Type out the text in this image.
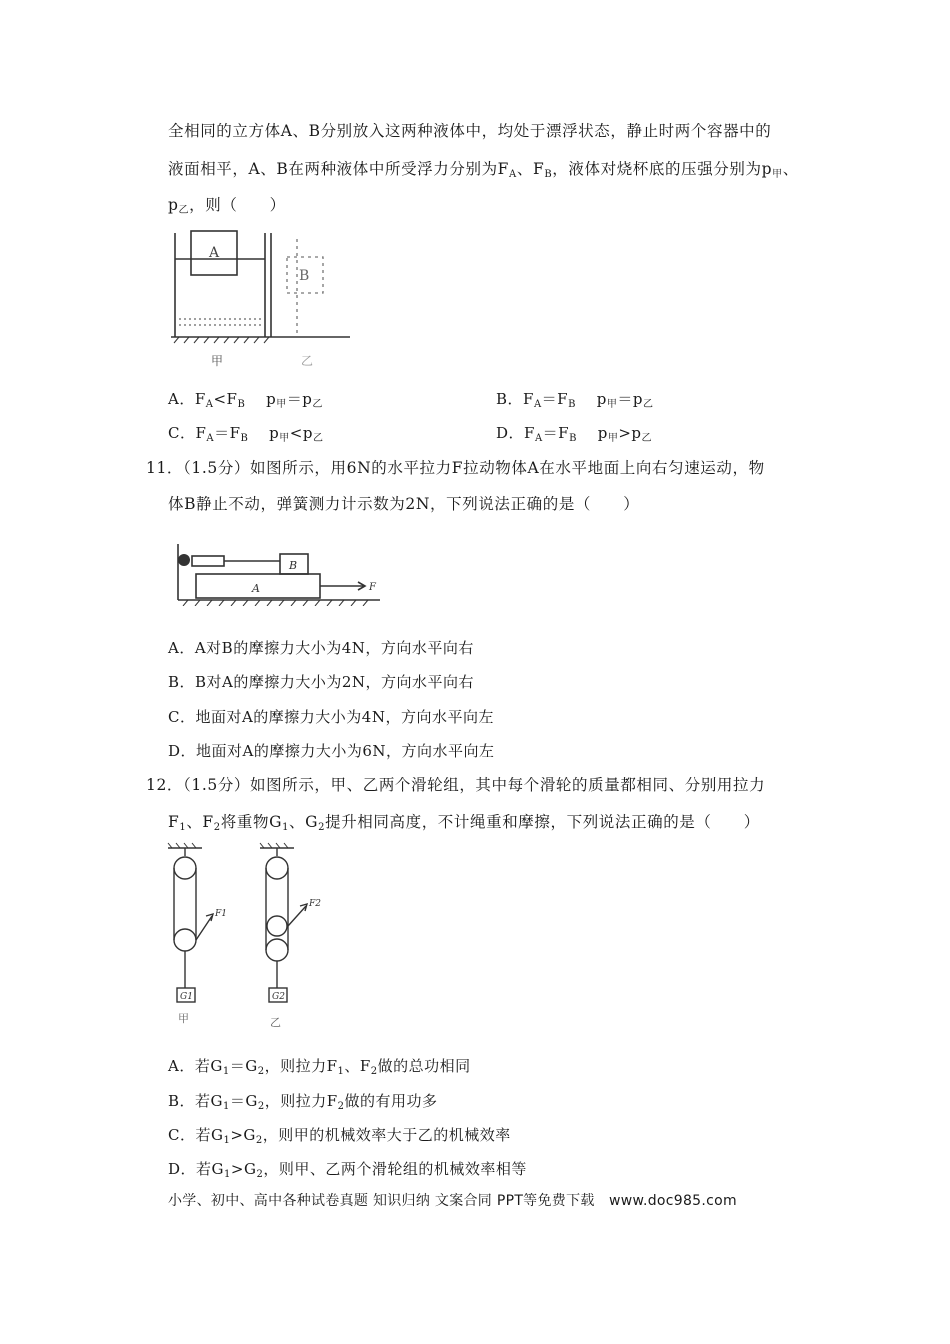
全相同的立方体A、B分别放入这两种液体中，均处于漂浮状态，静止时两个容器中的
液面相平，A、B在两种液体中所受浮力分别为$F_A$、$F_B$，液体对烧杯底的压强分别为$p_甲$、
$p_乙$，则（　　）
A
B
甲	乙
A．$F_A<F_B$　 $p_甲=p_乙$	B．$F_A=F_B$　 $p_甲=p_乙$
C．$F_A=F_B$　 $p_甲<p_乙$	D．$F_A=F_B$　 $p_甲>p_乙$
11．（1.5分）如图所示，用6N的水平拉力F拉动物体A在水平地面上向右匀速运动，物
体B静止不动，弹簧测力计示数为2N，下列说法正确的是（　　）
A
B
F
A．A对B的摩擦力大小为4N，方向水平向右
B．B对A的摩擦力大小为2N，方向水平向右
C．地面对A的摩擦力大小为4N，方向水平向左
D．地面对A的摩擦力大小为6N，方向水平向左
12．（1.5分）如图所示，甲、乙两个滑轮组，其中每个滑轮的质量都相同、分别用拉力
$F_1$、$F_2$将重物$G_1$、$G_2$提升相同高度，不计绳重和摩擦，下列说法正确的是（　　）
G1	G2
F1
F2
甲	乙
A．若$G_1=G_2$，则拉力$F_1$、$F_2$做的总功相同
B．若$G_1=G_2$，则拉力$F_2$做的有用功多
C．若$G_1>G_2$，则甲的机械效率大于乙的机械效率
D．若$G_1>G_2$，则甲、乙两个滑轮组的机械效率相等
小学、初中、高中各种试卷真题 知识归纳 文案合同 PPT等免费下载　www.doc985.com
